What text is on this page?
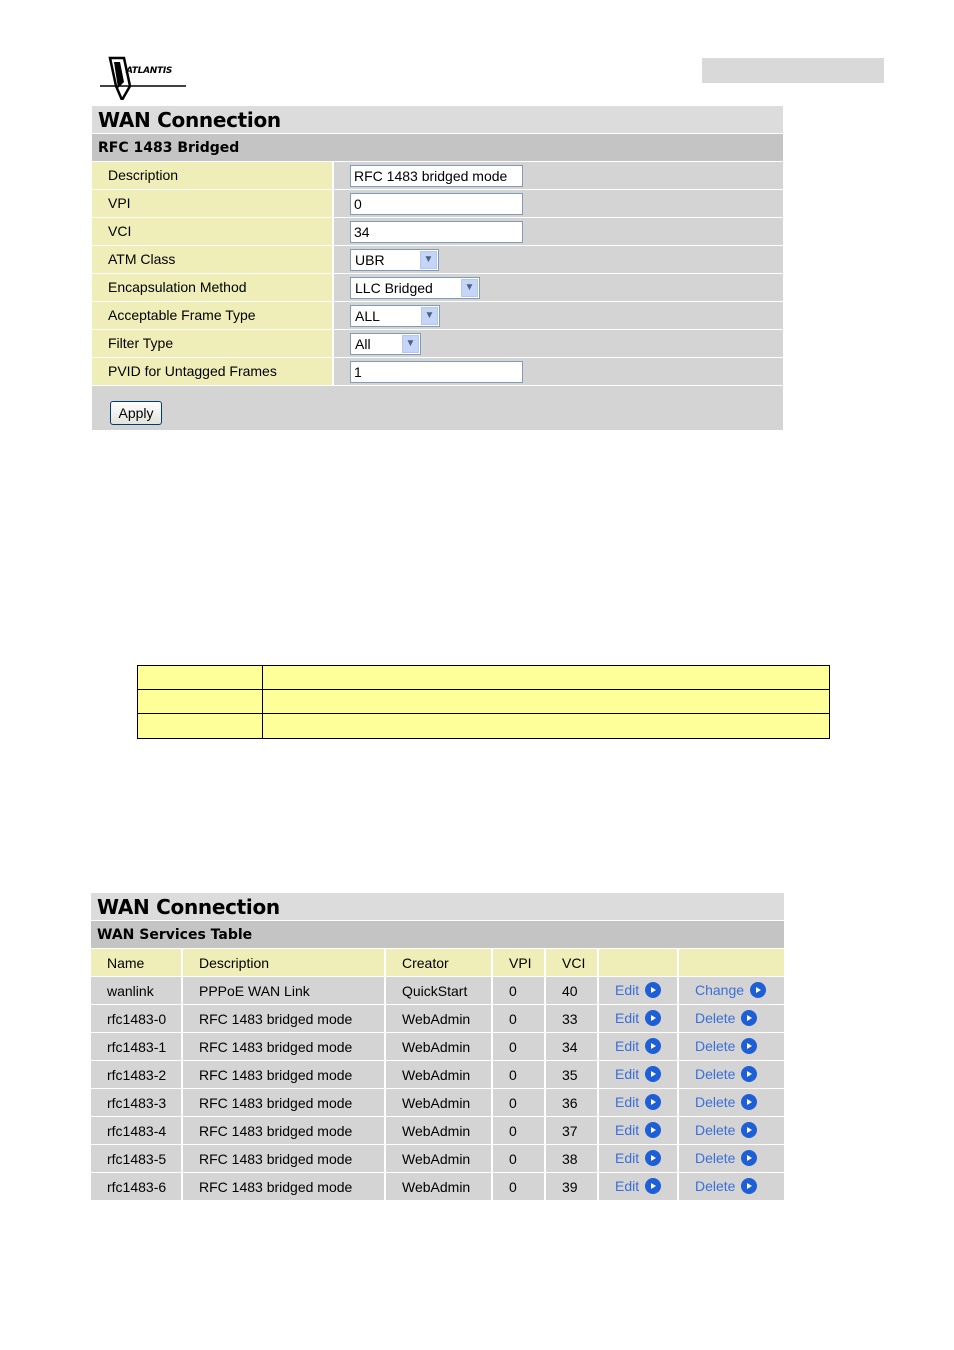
ATLANTIS
WAN Connection
RFC 1483 Bridged
Description	RFC 1483 bridged mode
VPI	0
VCI	34
ATM Class	UBR	▼
Encapsulation Method	LLC Bridged	▼
Acceptable Frame Type	ALL	▼
Filter Type	All	▼
PVID for Untagged Frames	1
Apply
WAN Connection
WAN Services Table
Name	Description	Creator	VPI	VCI
wanlink	PPPoE WAN Link	QuickStart	0	40	Edit	Change
rfc1483-0	RFC 1483 bridged mode	WebAdmin	0	33	Edit	Delete
rfc1483-1	RFC 1483 bridged mode	WebAdmin	0	34	Edit	Delete
rfc1483-2	RFC 1483 bridged mode	WebAdmin	0	35	Edit	Delete
rfc1483-3	RFC 1483 bridged mode	WebAdmin	0	36	Edit	Delete
rfc1483-4	RFC 1483 bridged mode	WebAdmin	0	37	Edit	Delete
rfc1483-5	RFC 1483 bridged mode	WebAdmin	0	38	Edit	Delete
rfc1483-6	RFC 1483 bridged mode	WebAdmin	0	39	Edit	Delete
